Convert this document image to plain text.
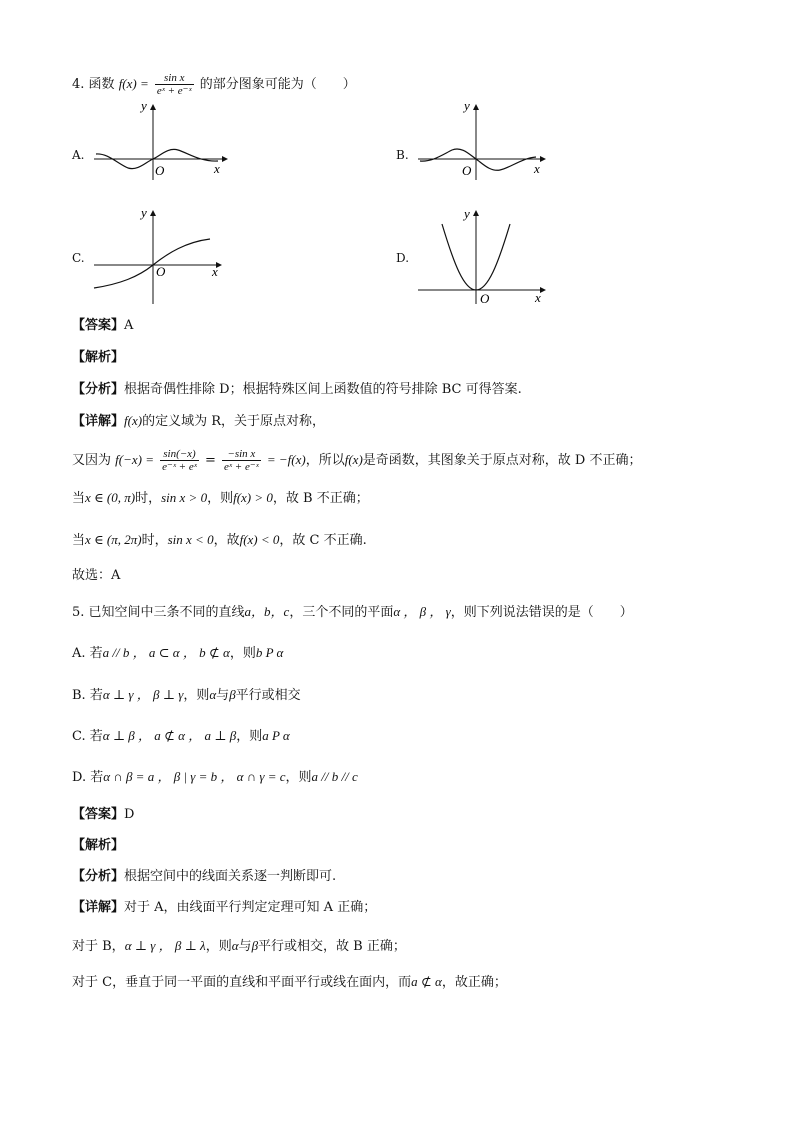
4. 函数 $f(x) = \frac{\text{sin x}}{\text{eˣ + e⁻ˣ}}$ 的部分图象可能为（　　）
A.	B.
C.	D.
y
x
O
y
x
O
y
x
O
y
x
O
【答案】A
【解析】
【分析】根据奇偶性排除 D；根据特殊区间上函数值的符号排除 BC 可得答案.
【详解】f(x)的定义域为 R，关于原点对称，
又因为 $f(-x) = \frac{\sin(-x)}{\text{e⁻ˣ + eˣ}} = \frac{\text{−sin x}}{\text{eˣ + e⁻ˣ}} = -f(x)$，所以f(x)是奇函数，其图象关于原点对称，故 D 不正确；
当x ∈ (0, π)时，sin x > 0，则f(x) > 0，故 B 不正确；
当x ∈ (π, 2π)时，sin x < 0，故f(x) < 0，故 C 不正确.
故选：A
5. 已知空间中三条不同的直线a，b，c，三个不同的平面α ， β ， γ，则下列说法错误的是（　　）
A. 若a // b ， a ⊂ α ， b ⊄ α，则b P α
B. 若α ⊥ γ ， β ⊥ γ，则α与β平行或相交
C. 若α ⊥ β ， a ⊄ α ， a ⊥ β，则a P α
D. 若α ∩ β = a ， β | γ = b ， α ∩ γ = c，则a // b // c
【答案】D
【解析】
【分析】根据空间中的线面关系逐一判断即可.
【详解】对于 A，由线面平行判定定理可知 A 正确；
对于 B，α ⊥ γ ， β ⊥ λ，则α与β平行或相交，故 B 正确；
对于 C，垂直于同一平面的直线和平面平行或线在面内，而a ⊄ α，故正确；
